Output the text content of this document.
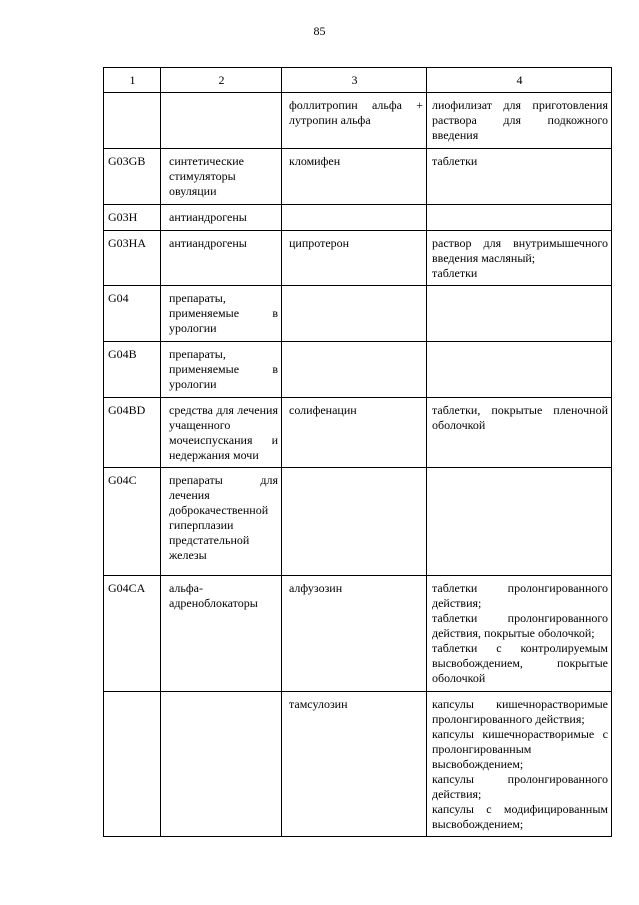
85
1	2	3	4
		фоллитропин альфа + лутропин альфа	лиофилизат для приготовления раствора для подкожного введения

G03GB	синтетические стимуляторы овуляции	кломифен	таблетки

G03H	антиандрогены		
G03HA	антиандрогены	ципротерон	раствор для внутримышечного введения масляный;
таблетки

G04	препараты, применяемые в урологии		
G04B	препараты, применяемые в урологии		
G04BD	средства для лечения учащенного мочеиспускания и недержания мочи	солифенацин	таблетки, покрытые пленочной оболочкой

G04C	препараты для лечения доброкачественной гиперплазии предстательной железы		
G04CA	альфа-адреноблокаторы	алфузозин	таблетки пролонгированного действия;
таблетки пролонгированного действия, покрытые оболочкой;
таблетки с контролируемым высвобождением, покрытые оболочкой

		тамсулозин	капсулы кишечнорастворимые пролонгированного действия;
капсулы кишечнорастворимые с пролонгированным высвобождением;
капсулы пролонгированного действия;
капсулы с модифицированным высвобождением;
